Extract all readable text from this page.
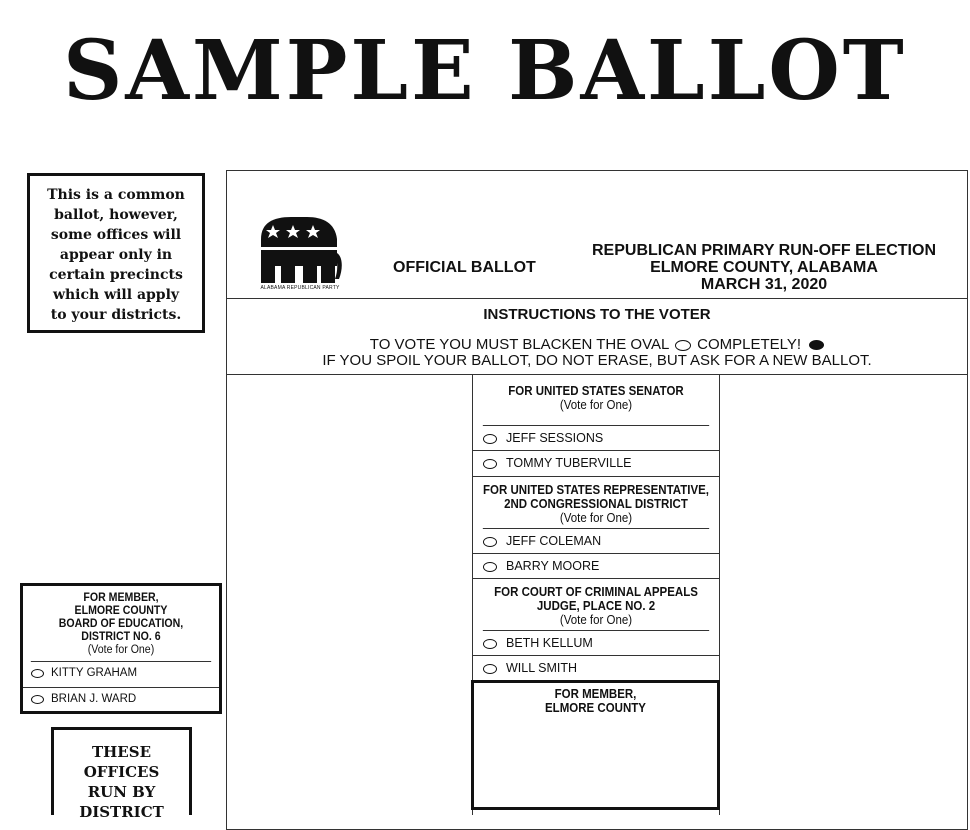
SAMPLE BALLOT
This is a common
ballot, however,
some offices will
appear only in
certain precincts
which will apply
to your districts.
ALABAMA REPUBLICAN PARTY
OFFICIAL BALLOT
REPUBLICAN PRIMARY RUN-OFF ELECTION
ELMORE COUNTY, ALABAMA
MARCH 31, 2020
INSTRUCTIONS TO THE VOTER
TO VOTE YOU MUST BLACKEN THE OVAL COMPLETELY!
IF YOU SPOIL YOUR BALLOT, DO NOT ERASE, BUT ASK FOR A NEW BALLOT.
FOR UNITED STATES SENATOR
(Vote for One)
JEFF SESSIONS
TOMMY TUBERVILLE
FOR UNITED STATES REPRESENTATIVE,
2ND CONGRESSIONAL DISTRICT
(Vote for One)
JEFF COLEMAN
BARRY MOORE
FOR COURT OF CRIMINAL APPEALS
JUDGE, PLACE NO. 2
(Vote for One)
BETH KELLUM
WILL SMITH
FOR MEMBER,
ELMORE COUNTY
FOR MEMBER,
ELMORE COUNTY
BOARD OF EDUCATION,
DISTRICT NO. 6
(Vote for One)
KITTY GRAHAM
BRIAN J. WARD
THESE OFFICES
RUN BY
DISTRICT
